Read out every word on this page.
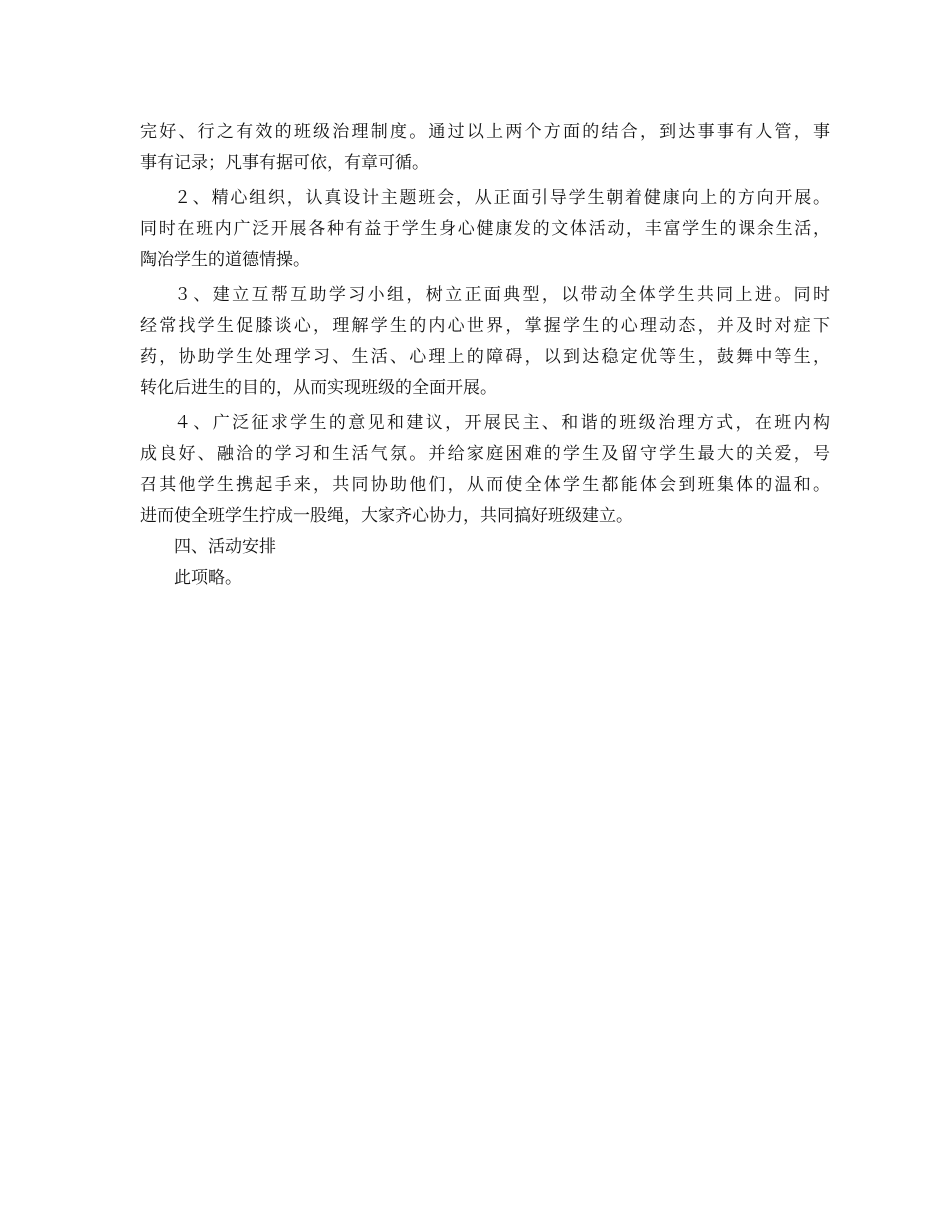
完好、行之有效的班级治理制度。通过以上两个方面的结合，到达事事有人管，事
事有记录；凡事有据可依，有章可循。
２、精心组织，认真设计主题班会，从正面引导学生朝着健康向上的方向开展。
同时在班内广泛开展各种有益于学生身心健康发的文体活动，丰富学生的课余生活，
陶冶学生的道德情操。
３、建立互帮互助学习小组，树立正面典型，以带动全体学生共同上进。同时
经常找学生促膝谈心，理解学生的内心世界，掌握学生的心理动态，并及时对症下
药，协助学生处理学习、生活、心理上的障碍，以到达稳定优等生，鼓舞中等生，
转化后进生的目的，从而实现班级的全面开展。
４、广泛征求学生的意见和建议，开展民主、和谐的班级治理方式，在班内构
成良好、融洽的学习和生活气氛。并给家庭困难的学生及留守学生最大的关爱，号
召其他学生携起手来，共同协助他们，从而使全体学生都能体会到班集体的温和。
进而使全班学生拧成一股绳，大家齐心协力，共同搞好班级建立。
四、活动安排
此项略。
